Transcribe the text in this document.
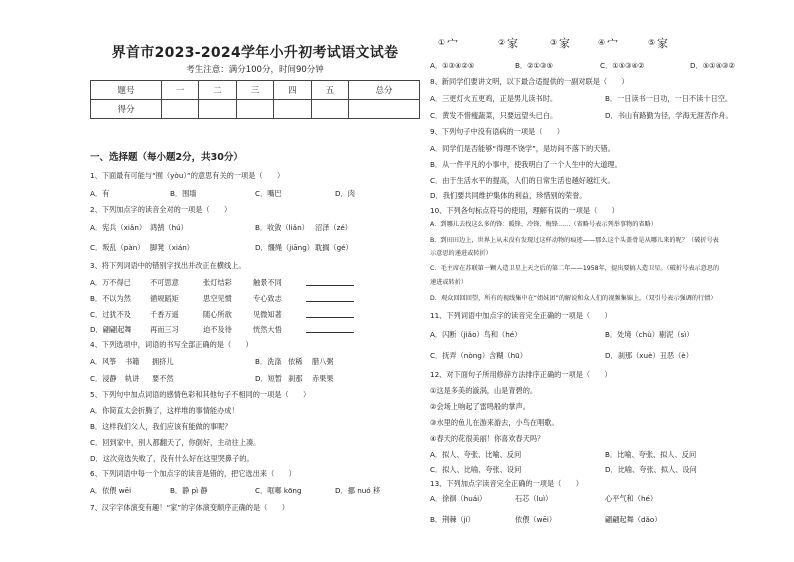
界首市2023-2024学年小升初考试语文试卷
考生注意：满分100分，时间90分钟
题号	一	二	三	四	五	总分
得分						
一、选择题（每小题2分，共30分）
1、下面最有可能与“囿（yòu）”的意思有关的一项是（　　）
A．有	B．围墙	C．嘴巴	D．肉
2、下列加点字的读音全对的一项是（　　）
A．宪兵（xiǎn） 鸿鹄（hú）	B．收敛（liǎn） 沼泽（zé）
C．叛乱（pàn） 脚凳（xián）	D．缰绳（jiāng） 耽搁（gé）
3、将下列词语中的错别字找出并改正在横线上。
A．万不得已	不可思意	张灯结彩	触景不同
B．不以为然	循规蹈矩	思空见惯	专心致志
C．过犹不及	千香万遥	随心所欲	见微知著
D．翩翩起舞	再而三习	迫不及待	恍然大悟
4、下列选项中，词语的书写全部正确的是（　　）
A．风筝 书籍 拥挤儿	B．洗涤 依稀 腊八粥
C．浸静 轨讲 要不然	D．短暂 刹那 赤果果
5、下列句中加点词语的感情色彩和其他句子不相同的一项是（　　）
A．你简直太会折腾了，这样堆的事情能办成！
B．这样我们父人，我们应该有能做的事呢？
C．回到家中，别人都翻天了，你倒好，主动往上凑。
D．这次竞选失败了，没有什么好在这里哭鼻子的。
6、下列词语中每一个加点字的读音是错的，把它选出来（　　）
A．依偎 wēi	B．静 pì 静	C．哐啷 kōng	D．挪 nuó 移
7、汉字字体演变有趣！“家”的字体演变顺序正确的是（　　）
① 宀	② 家	③ 家	④ 宀	⑤ 家
A．①③④②⑤	B．②①③⑤	C．①⑤③④②	D．⑤①④③②
8、新同学们要讲文明，以下最合适提供的一副对联是（　　）
A．三更灯火五更鸡，正是男儿读书时。	B．一日读书一日功，一日不读十日空。
C．黄发不惜瘦蔬菜，只要远望头已白。	D．书山有路勤为径，学海无涯苦作舟。
9、下列句子中没有语病的一项是（　　）
A．同学们是否能够“得理不饶学”，是坊间不落下的天错。
B．从一件平凡的小事中，使我明白了一个人生中的大道理。
C．由于生活水平的提高，人们的日常生活也越好越红火。
D．我们要共同维护集体的利益，珍惜别的荣誉。
10、下列各句标点符号的使用，理解有误的一项是（　　）
A．到哪儿去找这么多的锋：暖锋、冷锋、梅锋……（省略号表示列举事物的省略）
B．到田田边上，世界上从未没有发现过这样动物的痕迹——那么这个头盖骨是从哪儿来的呢？（破折号表
示意思的递进或转折）
C．毛主席在苏联第一颗人造卫星上天之后的第二年——1958年，提出要搞人造卫星。（破折号表示意思的
递进或转折）
D．观众回回回望，所有的视线集中在“姐妹团”的解说和众人们的视频集锦上。（双引号表示强调的行情）
11、下列词语中加点字的读音完全正确的一项是（　　）
A．闪断（jiǎo）鸟和（hé）	B．处境（chù）剔泥（sì）
C．抚弄（nòng）含糊（hū）	D．刹那（xuè）丑恶（è）
12、对下面句子所用修辞方法排序正确的一项是（　　）
①这是多美的漩涡，山是青碧的。
②会场上响起了雷鸣般的掌声。
③水里的鱼儿在游来游去，小鸟在唱歌。
④春天的花很美丽！你喜欢春天吗？
A．拟人、夸张、比喻、反问	B．比喻、夸张、拟人、反问
C．拟人、比喻、夸张、设问	D．比喻、夸张、拟人、设问
13、下列加点字读音完全正确的一项是（　　）
A．徐徊（huái）	石芯（luì）	心平气和（hé）
B．荆棘（jí）	依偎（wēi）	翩翩起舞（dǎo）
